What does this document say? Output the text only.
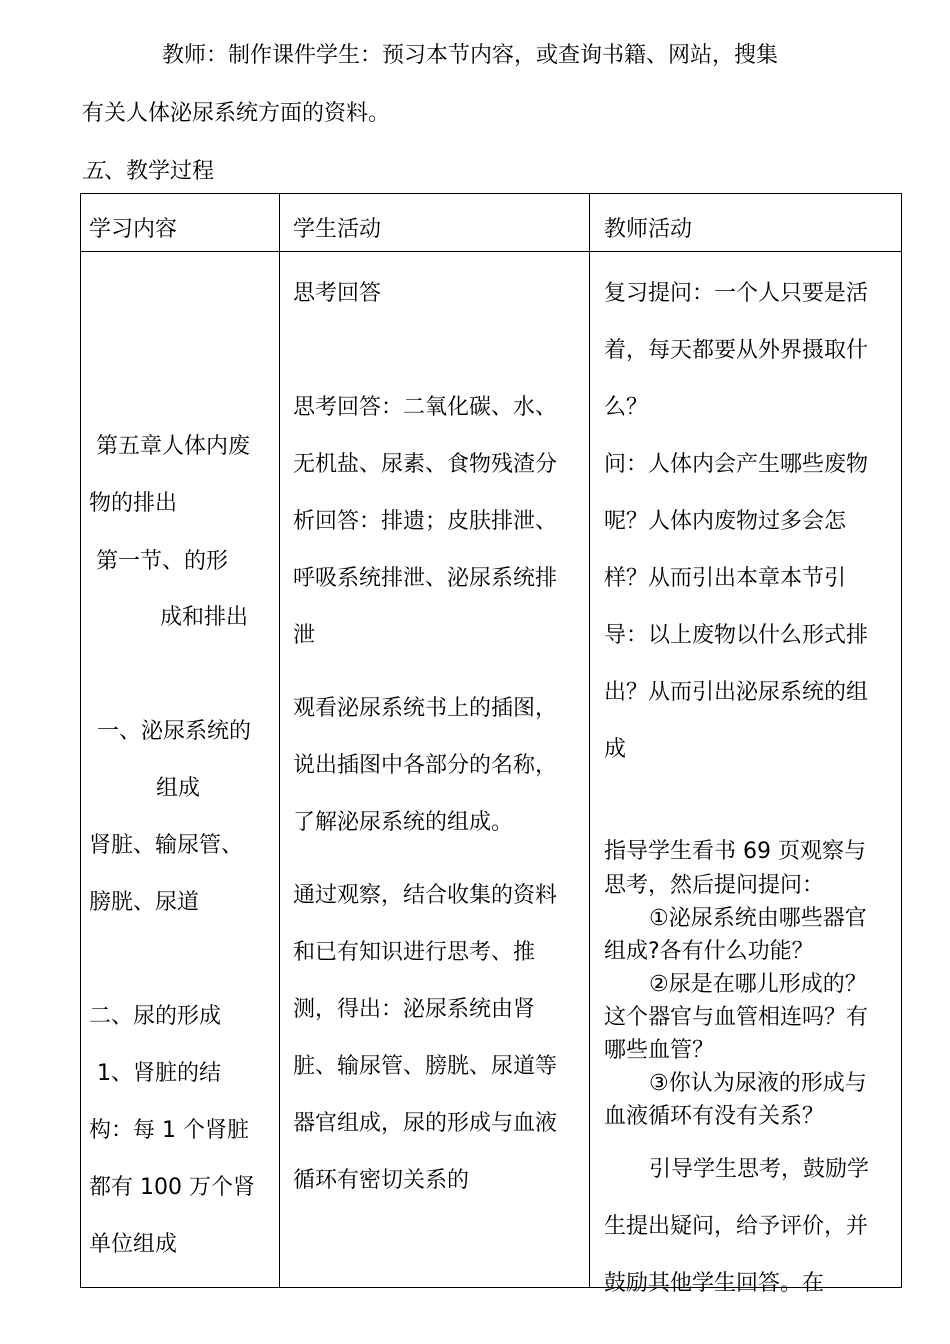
教师：制作课件学生：预习本节内容，或查询书籍、网站，搜集
有关人体泌尿系统方面的资料。
五、教学过程
学习内容	学生活动	教师活动
第五章人体内废
物的排出
第一节、的形
成和排出
一、泌尿系统的
组成
肾脏、输尿管、
膀胱、尿道
二、尿的形成
1、肾脏的结
构：每 1 个肾脏
都有 100 万个肾
单位组成
思考回答
思考回答：二氧化碳、水、
无机盐、尿素、食物残渣分
析回答：排遗；皮肤排泄、
呼吸系统排泄、泌尿系统排
泄
观看泌尿系统书上的插图，
说出插图中各部分的名称，
了解泌尿系统的组成。
通过观察，结合收集的资料
和已有知识进行思考、推
测，得出：泌尿系统由肾
脏、输尿管、膀胱、尿道等
器官组成，尿的形成与血液
循环有密切关系的
复习提问：一个人只要是活
着，每天都要从外界摄取什
么？
问：人体内会产生哪些废物
呢？人体内废物过多会怎
样？从而引出本章本节引
导：以上废物以什么形式排
出？从而引出泌尿系统的组
成
指导学生看书 69 页观察与
思考，然后提问提问：
①泌尿系统由哪些器官
组成?各有什么功能？
②尿是在哪儿形成的？
这个器官与血管相连吗？有
哪些血管？
③你认为尿液的形成与
血液循环有没有关系？
引导学生思考，鼓励学
生提出疑问，给予评价，并
鼓励其他学生回答。在
